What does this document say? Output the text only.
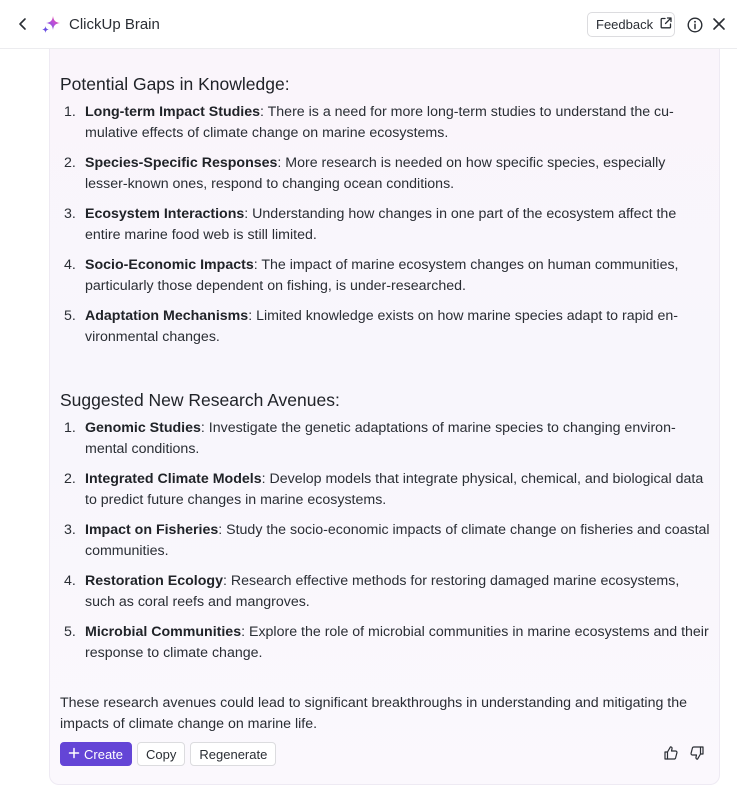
ClickUp Brain	Feedback
Potential Gaps in Knowledge:
1. Long-term Impact Studies: There is a need for more long-term studies to understand the cu-mulative effects of climate change on marine ecosystems.
2. Species-Specific Responses: More research is needed on how specific species, especially lesser-known ones, respond to changing ocean conditions.
3. Ecosystem Interactions: Understanding how changes in one part of the ecosystem affect the entire marine food web is still limited.
4. Socio-Economic Impacts: The impact of marine ecosystem changes on human communities, particularly those dependent on fishing, is under-researched.
5. Adaptation Mechanisms: Limited knowledge exists on how marine species adapt to rapid en-vironmental changes.
Suggested New Research Avenues:
1. Genomic Studies: Investigate the genetic adaptations of marine species to changing environ-mental conditions.
2. Integrated Climate Models: Develop models that integrate physical, chemical, and biological data to predict future changes in marine ecosystems.
3. Impact on Fisheries: Study the socio-economic impacts of climate change on fisheries and coastal communities.
4. Restoration Ecology: Research effective methods for restoring damaged marine ecosystems, such as coral reefs and mangroves.
5. Microbial Communities: Explore the role of microbial communities in marine ecosystems and their response to climate change.

These research avenues could lead to significant breakthroughs in understanding and mitigating the impacts of climate change on marine life.

Create	Copy	Regenerate
